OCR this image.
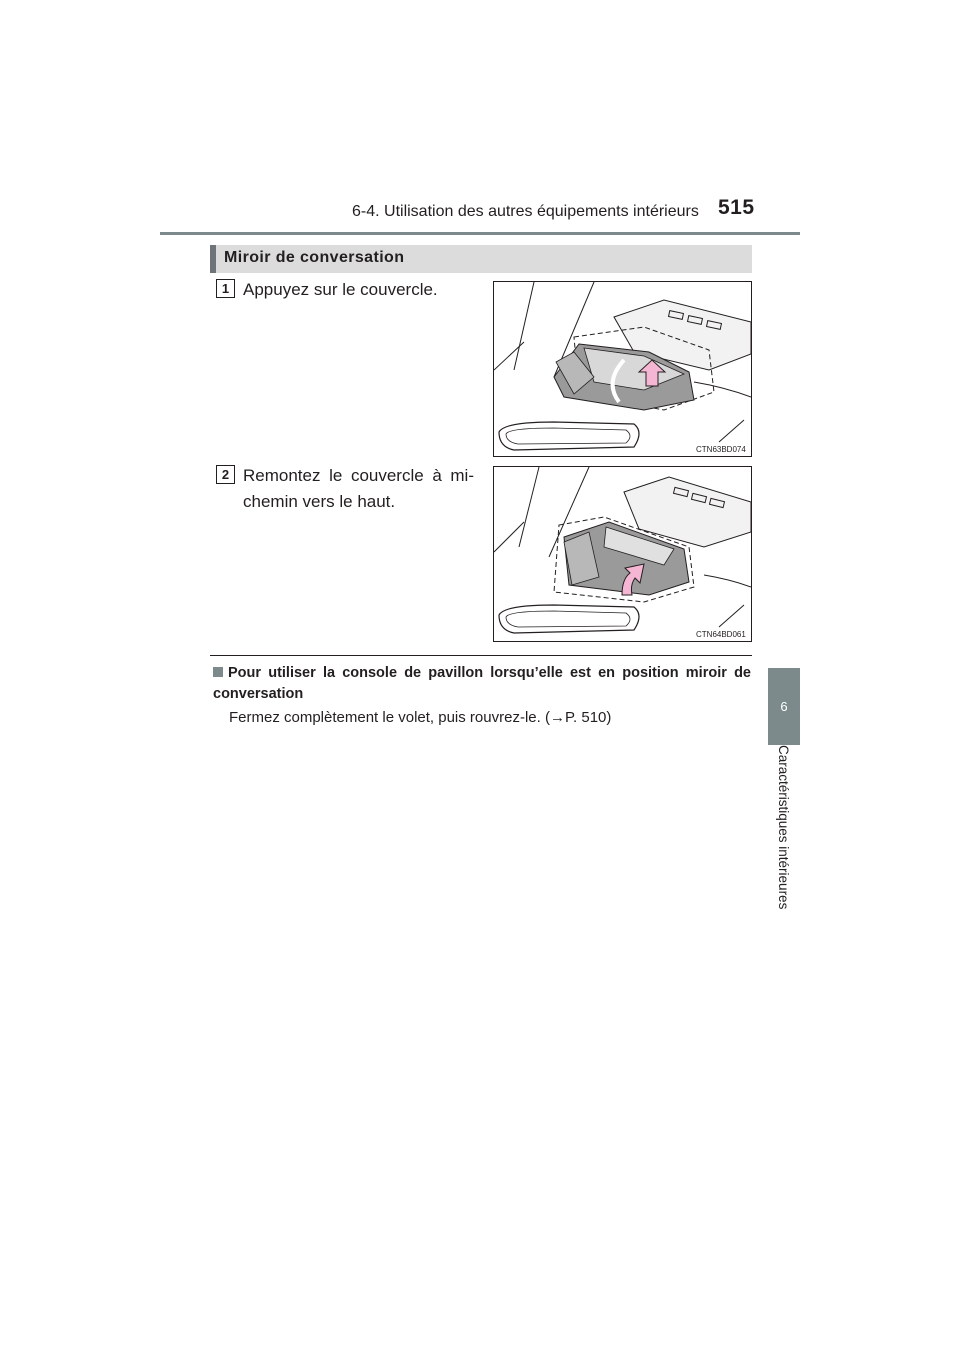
6-4. Utilisation des autres équipements intérieurs 515
Miroir de conversation
1 Appuyez sur le couvercle.
CTN63BD074
2 Remontez le couvercle à mi-chemin vers le haut.
CTN64BD061
Pour utiliser la console de pavillon lorsqu’elle est en position miroir de conversation
Fermez complètement le volet, puis rouvrez-le. (→P. 510)
6
Caractéristiques intérieures
